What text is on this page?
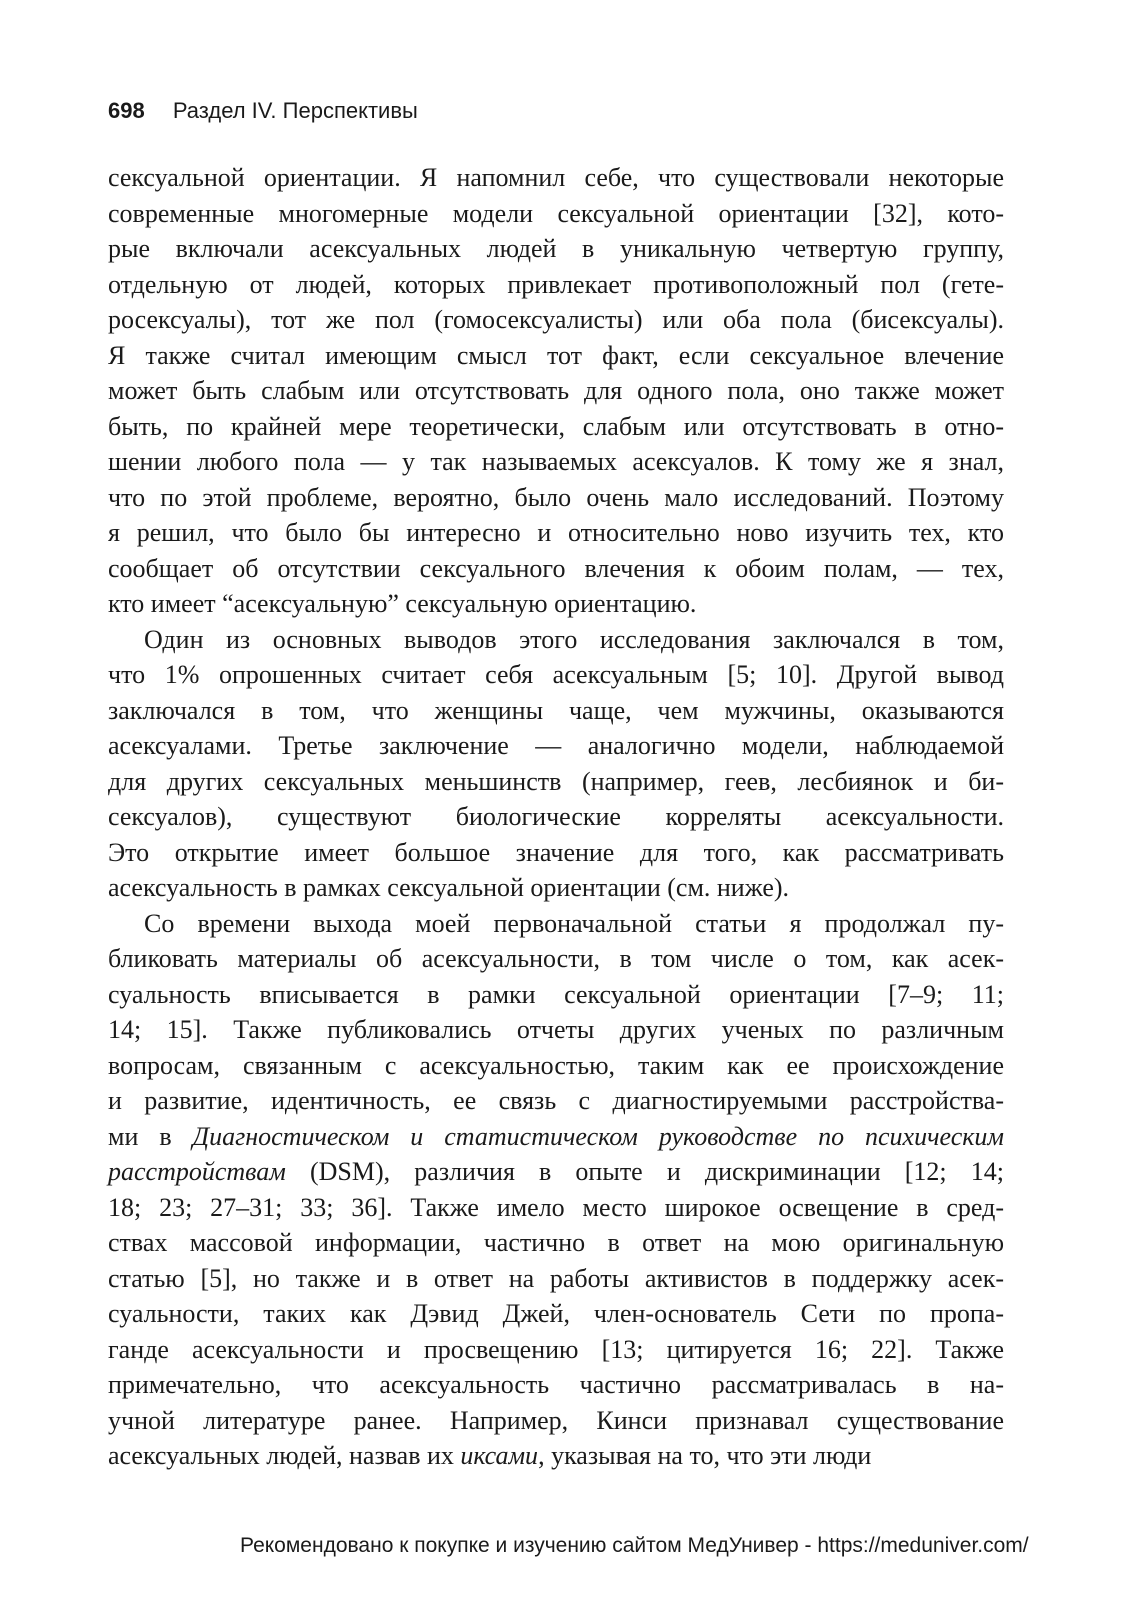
698 Раздел IV. Перспективы
сексуальной ориентации. Я напомнил себе, что существовали некоторые
современные многомерные модели сексуальной ориентации [32], кото-
рые включали асексуальных людей в уникальную четвертую группу,
отдельную от людей, которых привлекает противоположный пол (гете-
росексуалы), тот же пол (гомосексуалисты) или оба пола (бисексуалы).
Я также считал имеющим смысл тот факт, если сексуальное влечение
может быть слабым или отсутствовать для одного пола, оно также может
быть, по крайней мере теоретически, слабым или отсутствовать в отно-
шении любого пола — у так называемых асексуалов. К тому же я знал,
что по этой проблеме, вероятно, было очень мало исследований. Поэтому
я решил, что было бы интересно и относительно ново изучить тех, кто
сообщает об отсутствии сексуального влечения к обоим полам, — тех,
кто имеет “асексуальную” сексуальную ориентацию.
Один из основных выводов этого исследования заключался в том,
что 1% опрошенных считает себя асексуальным [5; 10]. Другой вывод
заключался в том, что женщины чаще, чем мужчины, оказываются
асексуалами. Третье заключение — аналогично модели, наблюдаемой
для других сексуальных меньшинств (например, геев, лесбиянок и би-
сексуалов), существуют биологические корреляты асексуальности.
Это открытие имеет большое значение для того, как рассматривать
асексуальность в рамках сексуальной ориентации (см. ниже).
Со времени выхода моей первоначальной статьи я продолжал пу-
бликовать материалы об асексуальности, в том числе о том, как асек-
суальность вписывается в рамки сексуальной ориентации [7–9; 11;
14; 15]. Также публиковались отчеты других ученых по различным
вопросам, связанным с асексуальностью, таким как ее происхождение
и развитие, идентичность, ее связь с диагностируемыми расстройства-
ми в Диагностическом и статистическом руководстве по психическим
расстройствам (DSM), различия в опыте и дискриминации [12; 14;
18; 23; 27–31; 33; 36]. Также имело место широкое освещение в сред-
ствах массовой информации, частично в ответ на мою оригинальную
статью [5], но также и в ответ на работы активистов в поддержку асек-
суальности, таких как Дэвид Джей, член-основатель Сети по пропа-
ганде асексуальности и просвещению [13; цитируется 16; 22]. Также
примечательно, что асексуальность частично рассматривалась в на-
учной литературе ранее. Например, Кинси признавал существование
асексуальных людей, назвав их иксами, указывая на то, что эти люди
Рекомендовано к покупке и изучению сайтом МедУнивер - https://meduniver.com/
